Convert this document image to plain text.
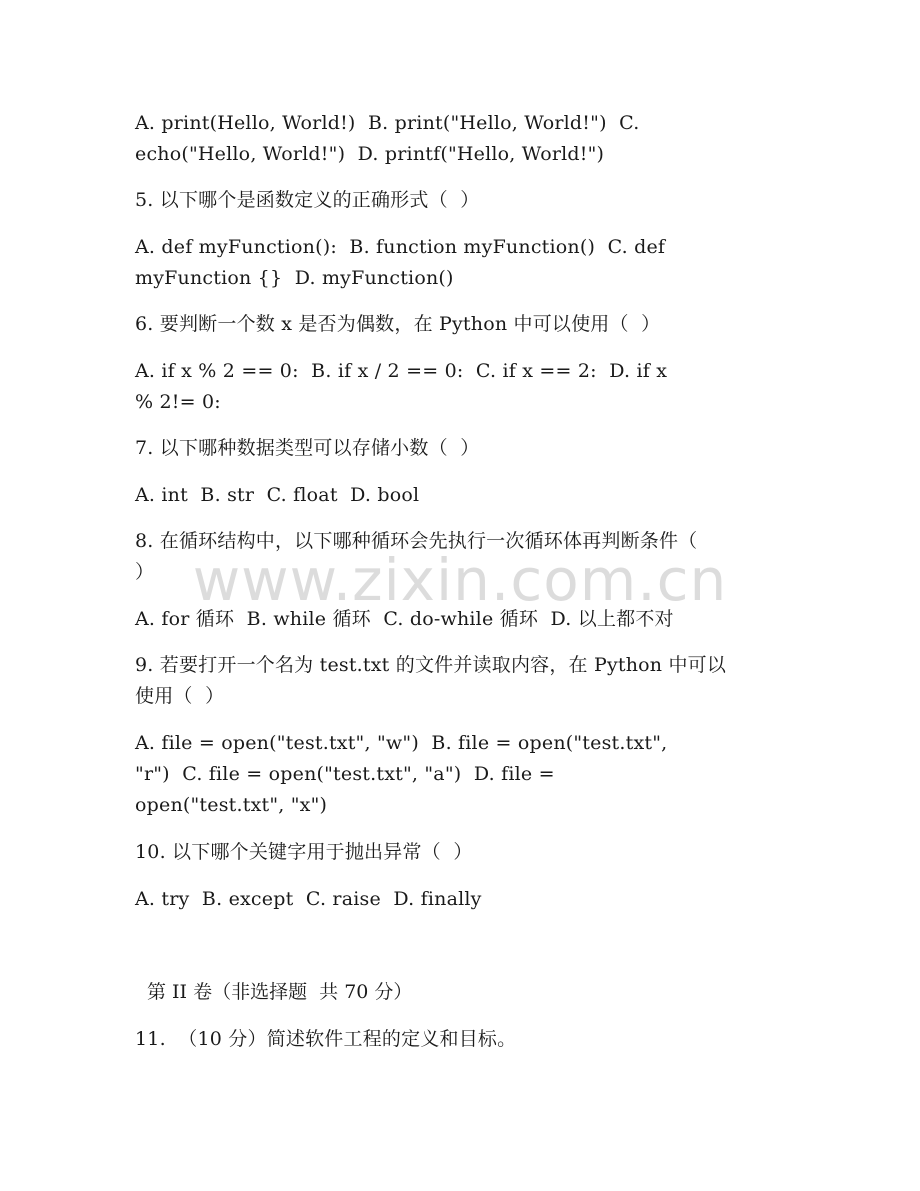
A. print(Hello, World!)  B. print("Hello, World!")  C.
echo("Hello, World!")  D. printf("Hello, World!")
5. 以下哪个是函数定义的正确形式（  ）
A. def myFunction():  B. function myFunction()  C. def
myFunction {}  D. myFunction()
6. 要判断一个数 x 是否为偶数，在 Python 中可以使用（  ）
A. if x % 2 == 0:  B. if x / 2 == 0:  C. if x == 2:  D. if x
% 2!= 0:
7. 以下哪种数据类型可以存储小数（  ）
A. int  B. str  C. float  D. bool
8. 在循环结构中，以下哪种循环会先执行一次循环体再判断条件（
）
A. for 循环  B. while 循环  C. do-while 循环  D. 以上都不对
9. 若要打开一个名为 test.txt 的文件并读取内容，在 Python 中可以
使用（  ）
A. file = open("test.txt", "w")  B. file = open("test.txt",
"r")  C. file = open("test.txt", "a")  D. file =
open("test.txt", "x")
10. 以下哪个关键字用于抛出异常（  ）
A. try  B. except  C. raise  D. finally
第 II 卷（非选择题  共 70 分）
11.  （10 分）简述软件工程的定义和目标。
www.zixin.com.cn
